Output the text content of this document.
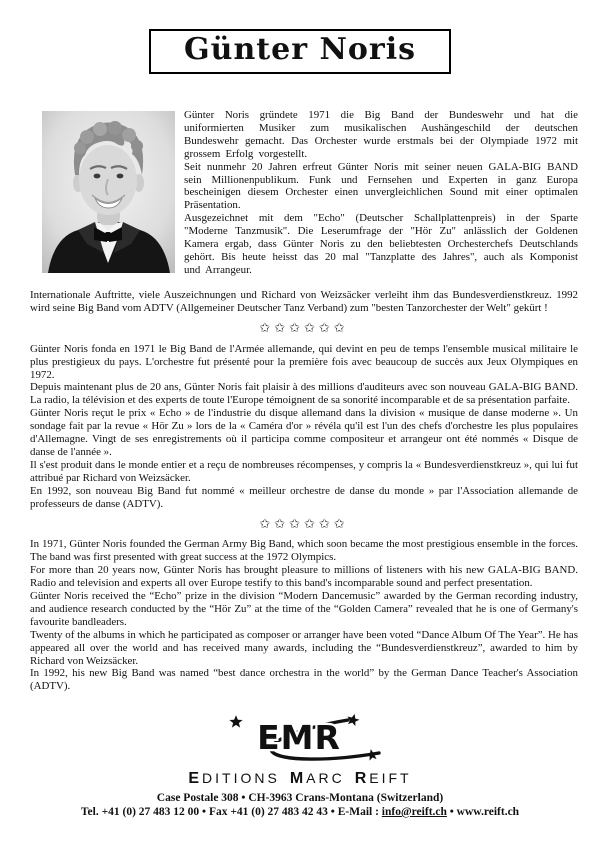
Günter Noris

Günter Noris gründete 1971 die Big Band der Bundeswehr und hat die uniformierten Musiker zum musikalischen Aushängeschild der deutschen Bundeswehr gemacht. Das Orchester wurde erstmals bei der Olympiade 1972 mit grossem Erfolg vorgestellt.

Seit nunmehr 20 Jahren erfreut Günter Noris mit seiner neuen GALA-BIG BAND sein Millionenpublikum. Funk und Fernsehen und Experten in ganz Europa bescheinigen diesem Orchester einen unvergleichlichen Sound mit einer optimalen Präsentation.

Ausgezeichnet mit dem "Echo" (Deutscher Schallplattenpreis) in der Sparte "Moderne Tanzmusik". Die Leserumfrage der "Hör Zu" anlässlich der Goldenen Kamera ergab, dass Günter Noris zu den beliebtesten Orchesterchefs Deutschlands gehört. Bis heute heisst das 20 mal "Tanzplatte des Jahres", auch als Komponist und Arrangeur.

Internationale Auftritte, viele Auszeichnungen und Richard von Weizsäcker verleiht ihm das Bundesverdienstkreuz. 1992 wird seine Big Band vom ADTV (Allgemeiner Deutscher Tanz Verband) zum "besten Tanzorchester der Welt" gekürt !

✩✩✩✩✩✩

Günter Noris fonda en 1971 le Big Band de l'Armée allemande, qui devint en peu de temps l'ensemble musical militaire le plus prestigieux du pays. L'orchestre fut présenté pour la première fois avec beaucoup de succès aux Jeux Olympiques en 1972.

Depuis maintenant plus de 20 ans, Günter Noris fait plaisir à des millions d'auditeurs avec son nouveau GALA-BIG BAND. La radio, la télévision et des experts de toute l'Europe témoignent de sa sonorité incomparable et de sa présentation parfaite.

Günter Noris reçut le prix « Echo » de l'industrie du disque allemand dans la division « musique de danse moderne ». Un sondage fait par la revue « Hör Zu » lors de la « Caméra d'or » révéla qu'il est l'un des chefs d'orchestre les plus populaires d'Allemagne. Vingt de ses enregistrements où il participa comme compositeur et arrangeur ont été nommés « Disque de danse de l'année ».

Il s'est produit dans le monde entier et a reçu de nombreuses récompenses, y compris la « Bundesverdienstkreuz », qui lui fut attribué par Richard von Weizsäcker.

En 1992, son nouveau Big Band fut nommé « meilleur orchestre de danse du monde » par l'Association allemande de professeurs de danse (ADTV).

✩✩✩✩✩✩

In 1971, Günter Noris founded the German Army Big Band, which soon became the most prestigious ensemble in the forces. The band was first presented with great success at the 1972 Olympics.

For more than 20 years now, Günter Noris has brought pleasure to millions of listeners with his new GALA-BIG BAND. Radio and television and experts all over Europe testify to this band's incomparable sound and perfect presentation.

Günter Noris received the “Echo” prize in the division “Modern Dancemusic” awarded by the German recording industry, and audience research conducted by the “Hör Zu” at the time of the “Golden Camera” revealed that he is one of Germany's favourite bandleaders.

Twenty of the albums in which he participated as composer or arranger have been voted “Dance Album Of The Year”. He has appeared all over the world and has received many awards, including the “Bundesverdienstkreuz”, awarded to him by Richard von Weizsäcker.

In 1992, his new Big Band was named “best dance orchestra in the world” by the German Dance Teacher's Association (ADTV).

EMR
EDITIONS MARC REIFT
Case Postale 308 • CH-3963 Crans-Montana (Switzerland)
Tel. +41 (0) 27 483 12 00 • Fax +41 (0) 27 483 42 43 • E-Mail : info@reift.ch • www.reift.ch
